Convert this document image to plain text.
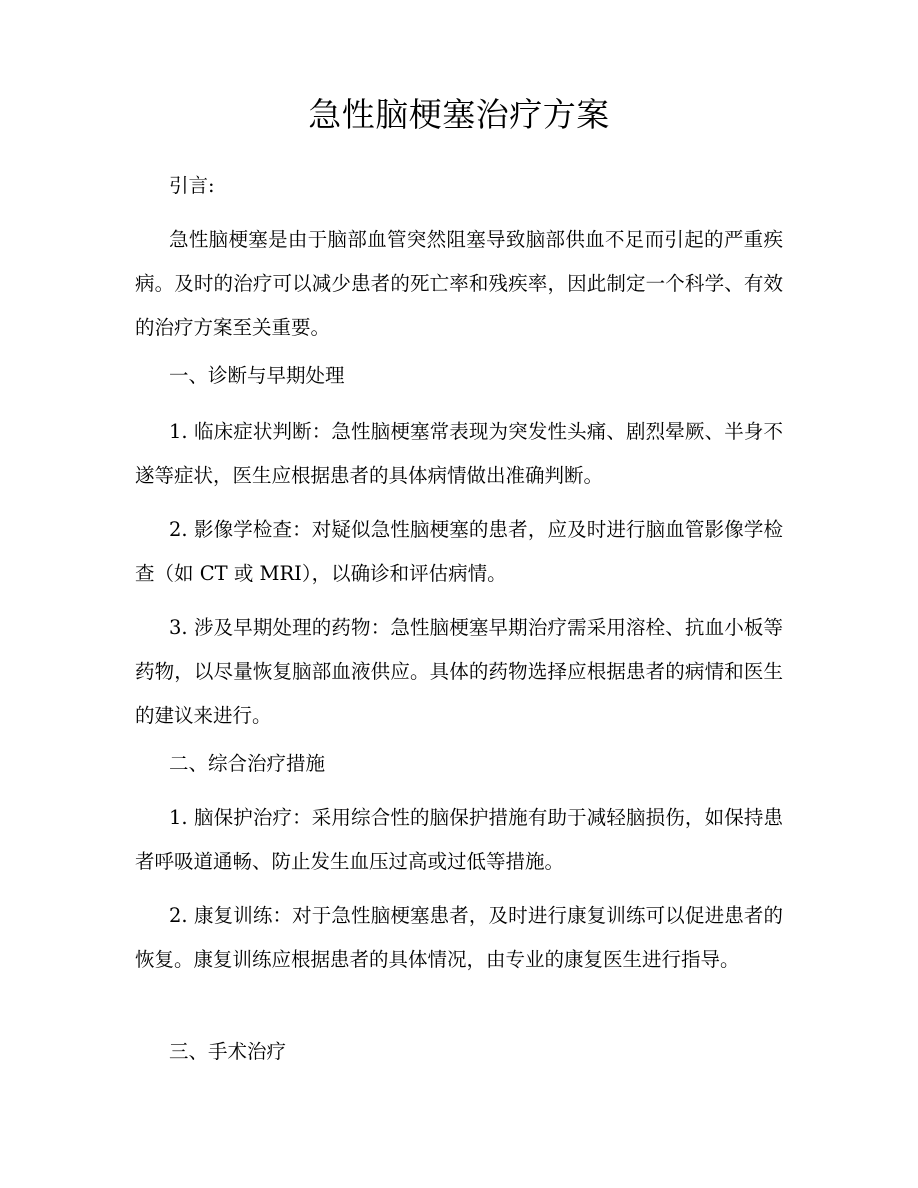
急性脑梗塞治疗方案

引言:

急性脑梗塞是由于脑部血管突然阻塞导致脑部供血不足而引起的严重疾病。及时的治疗可以减少患者的死亡率和残疾率，因此制定一个科学、有效的治疗方案至关重要。

一、诊断与早期处理

1. 临床症状判断：急性脑梗塞常表现为突发性头痛、剧烈晕厥、半身不遂等症状，医生应根据患者的具体病情做出准确判断。

2. 影像学检查：对疑似急性脑梗塞的患者，应及时进行脑血管影像学检查（如 CT 或 MRI），以确诊和评估病情。

3. 涉及早期处理的药物：急性脑梗塞早期治疗需采用溶栓、抗血小板等药物，以尽量恢复脑部血液供应。具体的药物选择应根据患者的病情和医生的建议来进行。

二、综合治疗措施

1. 脑保护治疗：采用综合性的脑保护措施有助于减轻脑损伤，如保持患者呼吸道通畅、防止发生血压过高或过低等措施。

2. 康复训练：对于急性脑梗塞患者，及时进行康复训练可以促进患者的恢复。康复训练应根据患者的具体情况，由专业的康复医生进行指导。

三、手术治疗
